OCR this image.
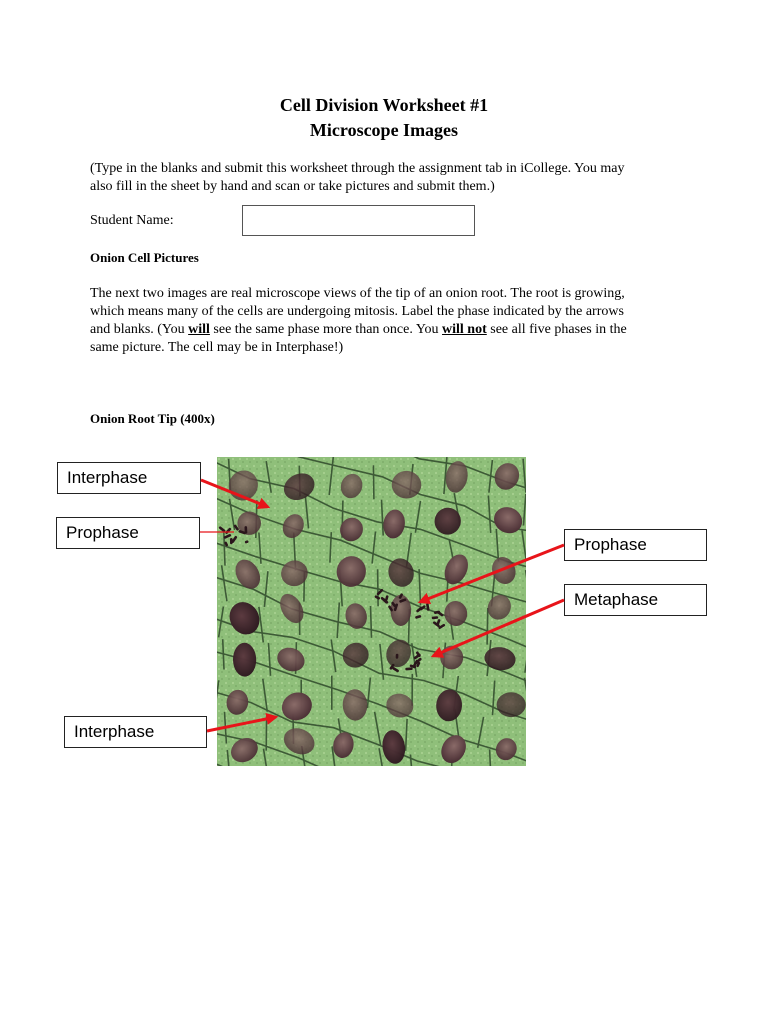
Cell Division Worksheet #1
Microscope Images
(Type in the blanks and submit this worksheet through the assignment tab in iCollege. You may
also fill in the sheet by hand and scan or take pictures and submit them.)
Student Name:
Onion Cell Pictures
The next two images are real microscope views of the tip of an onion root. The root is growing,
which means many of the cells are undergoing mitosis. Label the phase indicated by the arrows
and blanks. (You will see the same phase more than once. You will not see all five phases in the
same picture. The cell may be in Interphase!)
Onion Root Tip (400x)
Interphase
Prophase
Prophase
Metaphase
Interphase
